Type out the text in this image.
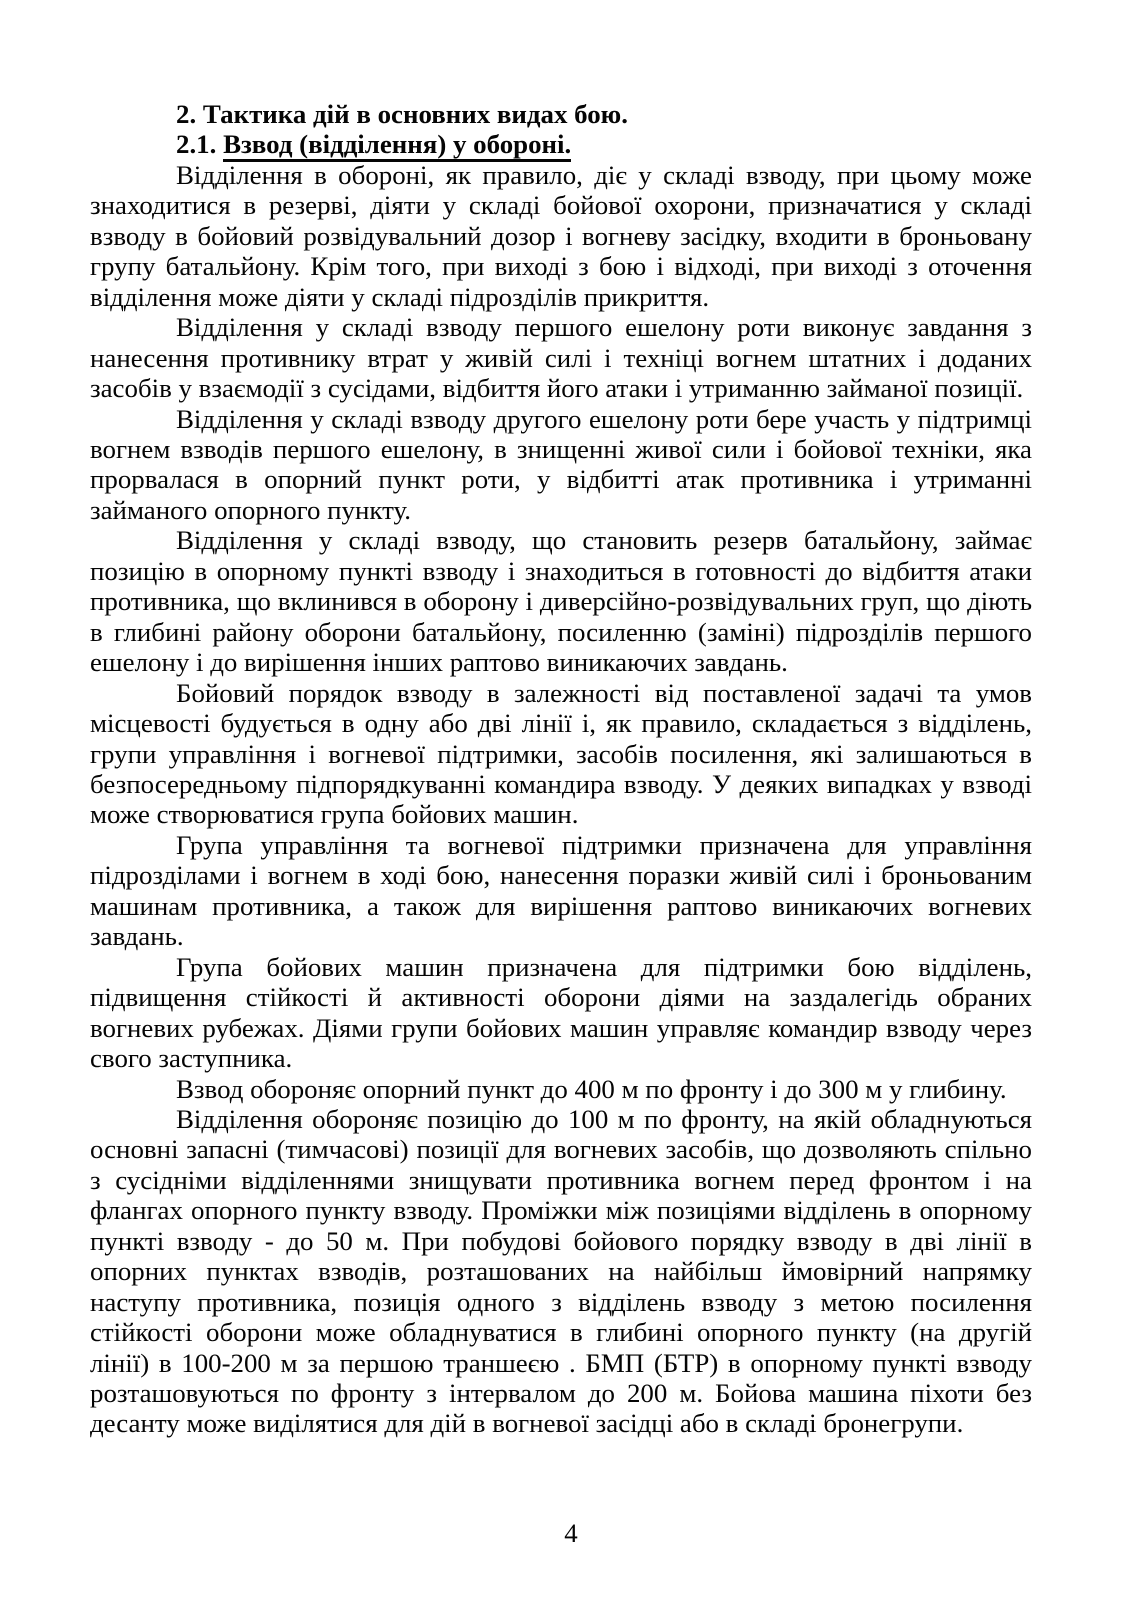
2. Тактика дій в основних видах бою.
2.1. Взвод (відділення) у обороні.

Відділення в обороні, як правило, діє у складі взводу, при цьому може знаходитися в резерві, діяти у складі бойової охорони, призначатися у складі взводу в бойовий розвідувальний дозор і вогневу засідку, входити в броньовану групу батальйону. Крім того, при виході з бою і відході, при виході з оточення відділення може діяти у складі підрозділів прикриття.

Відділення у складі взводу першого ешелону роти виконує завдання з нанесення противнику втрат у живій силі і техніці вогнем штатних і доданих засобів у взаємодії з сусідами, відбиття його атаки і утриманню займаної позиції.

Відділення у складі взводу другого ешелону роти бере участь у підтримці вогнем взводів першого ешелону, в знищенні живої сили і бойової техніки, яка прорвалася в опорний пункт роти, у відбитті атак противника і утриманні займаного опорного пункту.

Відділення у складі взводу, що становить резерв батальйону, займає позицію в опорному пункті взводу і знаходиться в готовності до відбиття атаки противника, що вклинився в оборону і диверсійно-розвідувальних груп, що діють в глибині району оборони батальйону, посиленню (заміні) підрозділів першого ешелону і до вирішення інших раптово виникаючих завдань.

Бойовий порядок взводу в залежності від поставленої задачі та умов місцевості будується в одну або дві лінії і, як правило, складається з відділень, групи управління і вогневої підтримки, засобів посилення, які залишаються в безпосередньому підпорядкуванні командира взводу. У деяких випадках у взводі може створюватися група бойових машин.

Група управління та вогневої підтримки призначена для управління підрозділами і вогнем в ході бою, нанесення поразки живій силі і броньованим машинам противника, а також для вирішення раптово виникаючих вогневих завдань.

Група бойових машин призначена для підтримки бою відділень, підвищення стійкості й активності оборони діями на заздалегідь обраних вогневих рубежах. Діями групи бойових машин управляє командир взводу через свого заступника.

Взвод обороняє опорний пункт до 400 м по фронту і до 300 м у глибину.

Відділення обороняє позицію до 100 м по фронту, на якій обладнуються основні запасні (тимчасові) позиції для вогневих засобів, що дозволяють спільно з сусідніми відділеннями знищувати противника вогнем перед фронтом і на флангах опорного пункту взводу. Проміжки між позиціями відділень в опорному пункті взводу - до 50 м. При побудові бойового порядку взводу в дві лінії в опорних пунктах взводів, розташованих на найбільш ймовірний напрямку наступу противника, позиція одного з відділень взводу з метою посилення стійкості оборони може обладнуватися в глибині опорного пункту (на другій лінії) в 100-200 м за першою траншеєю . БМП (БТР) в опорному пункті взводу розташовуються по фронту з інтервалом до 200 м. Бойова машина піхоти без десанту може виділятися для дій в вогневої засідці або в складі бронегрупи.

4
